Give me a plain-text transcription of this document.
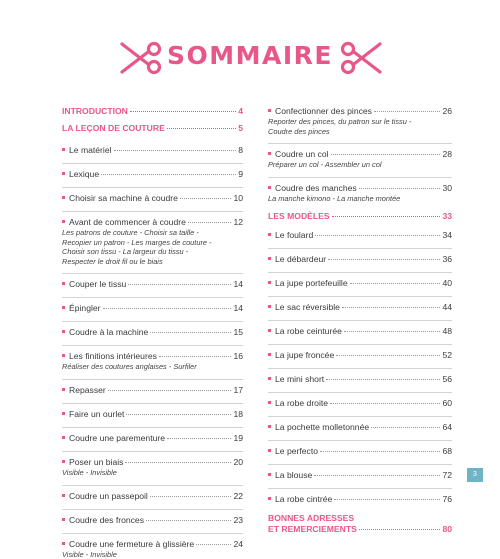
SOMMAIRE
INTRODUCTION	4
LA LEÇON DE COUTURE	5
Le matériel	8
Lexique	9
Choisir sa machine à coudre	10
Avant de commencer à coudre	12
Les patrons de couture - Choisir sa taille -
Recopier un patron - Les marges de couture -
Choisir son tissu - La largeur du tissu -
Respecter le droit fil ou le biais
Couper le tissu	14
Épingler	14
Coudre à la machine	15
Les finitions intérieures	16
Réaliser des coutures anglaises - Surfiler
Repasser	17
Faire un ourlet	18
Coudre une parementure	19
Poser un biais	20
Visible - Invisible
Coudre un passepoil	22
Coudre des fronces	23
Coudre une fermeture à glissière	24
Visible - Invisible
Confectionner des pinces	26
Reporter des pinces, du patron sur le tissu -
Coudre des pinces
Coudre un col	28
Préparer un col - Assembler un col
Coudre des manches	30
La manche kimono - La manche montée
LES MODÈLES	33
Le foulard	34
Le débardeur	36
La jupe portefeuille	40
Le sac réversible	44
La robe ceinturée	48
La jupe froncée	52
Le mini short	56
La robe droite	60
La pochette molletonnée	64
Le perfecto	68
La blouse	72
La robe cintrée	76
BONNES ADRESSES
ET REMERCIEMENTS	80
3
